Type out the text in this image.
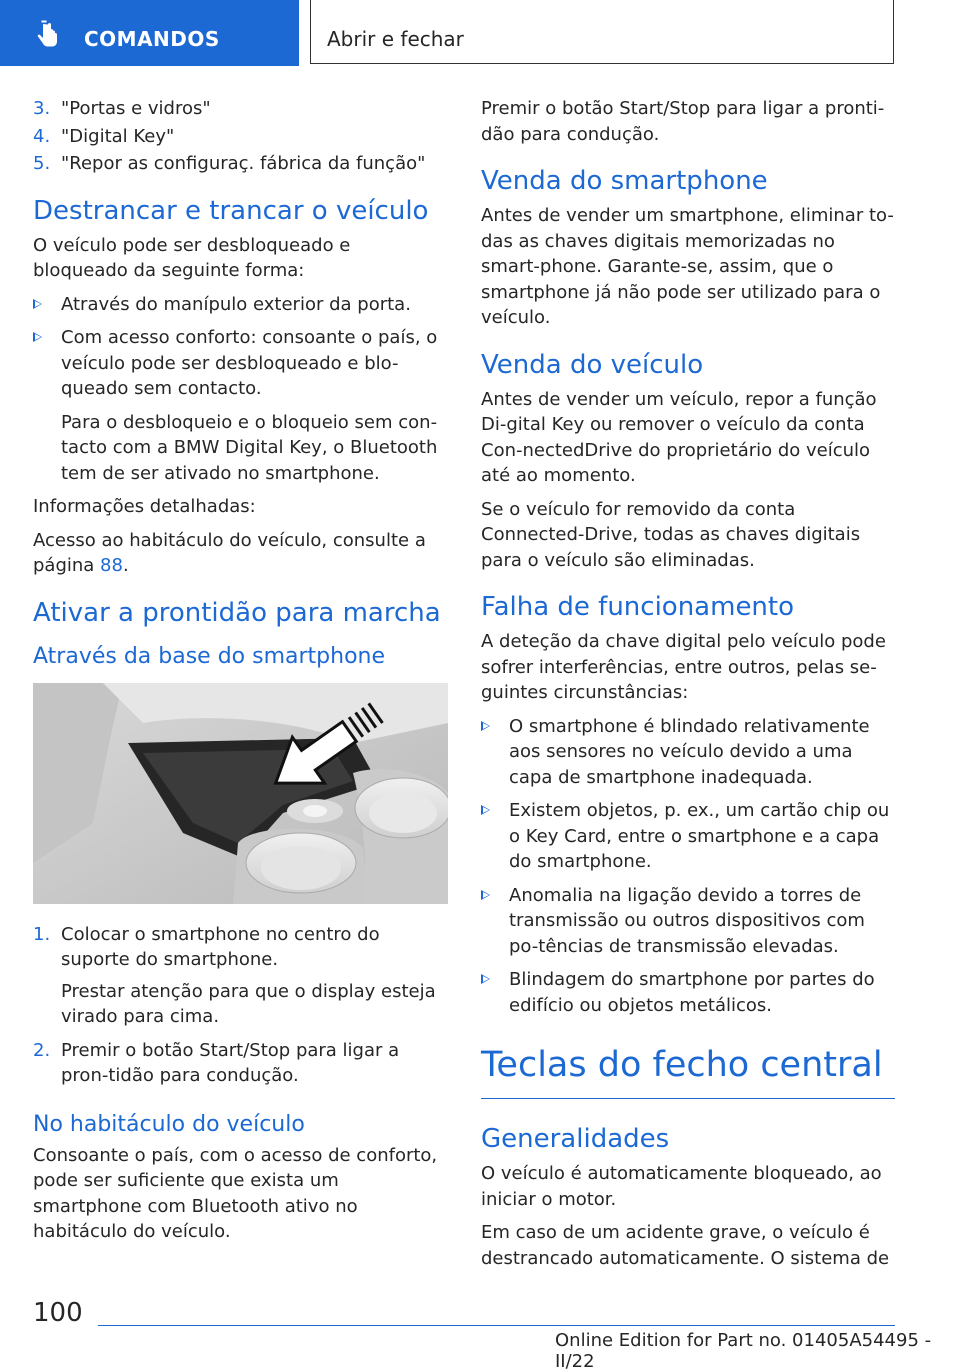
COMANDOS	Abrir e fechar
3. "Portas e vidros"
4. "Digital Key"
5. "Repor as configuraç. fábrica da função"
Destrancar e trancar o veículo

O veículo pode ser desbloqueado e bloqueado da seguinte forma:

Através do manípulo exterior da porta.
Com acesso conforto: consoante o país, o veículo pode ser desbloqueado e blo-queado sem contacto.

Para o desbloqueio e o bloqueio sem con-tacto com a BMW Digital Key, o Bluetooth tem de ser ativado no smartphone.

Informações detalhadas:

Acesso ao habitáculo do veículo, consulte a página 88.

Ativar a prontidão para marcha
Através da base do smartphone
1. Colocar o smartphone no centro do suporte do smartphone.

Prestar atenção para que o display esteja virado para cima.

2. Premir o botão Start/Stop para ligar a pron-tidão para condução.
No habitáculo do veículo

Consoante o país, com o acesso de conforto, pode ser suficiente que exista um smartphone com Bluetooth ativo no habitáculo do veículo.

Premir o botão Start/Stop para ligar a pronti-dão para condução.

Venda do smartphone

Antes de vender um smartphone, eliminar to-das as chaves digitais memorizadas no smart-phone. Garante-se, assim, que o smartphone já não pode ser utilizado para o veículo.

Venda do veículo

Antes de vender um veículo, repor a função Di-gital Key ou remover o veículo da conta Con-nectedDrive do proprietário do veículo até ao momento.

Se o veículo for removido da conta Connected-Drive, todas as chaves digitais para o veículo são eliminadas.

Falha de funcionamento

A deteção da chave digital pelo veículo pode sofrer interferências, entre outros, pelas se-guintes circunstâncias:

O smartphone é blindado relativamente aos sensores no veículo devido a uma capa de smartphone inadequada.
Existem objetos, p. ex., um cartão chip ou o Key Card, entre o smartphone e a capa do smartphone.
Anomalia na ligação devido a torres de transmissão ou outros dispositivos com po-tências de transmissão elevadas.
Blindagem do smartphone por partes do edifício ou objetos metálicos.
Teclas do fecho central
Generalidades

O veículo é automaticamente bloqueado, ao iniciar o motor.

Em caso de um acidente grave, o veículo é destrancado automaticamente. O sistema de

100
Online Edition for Part no. 01405A54495 - II/22
